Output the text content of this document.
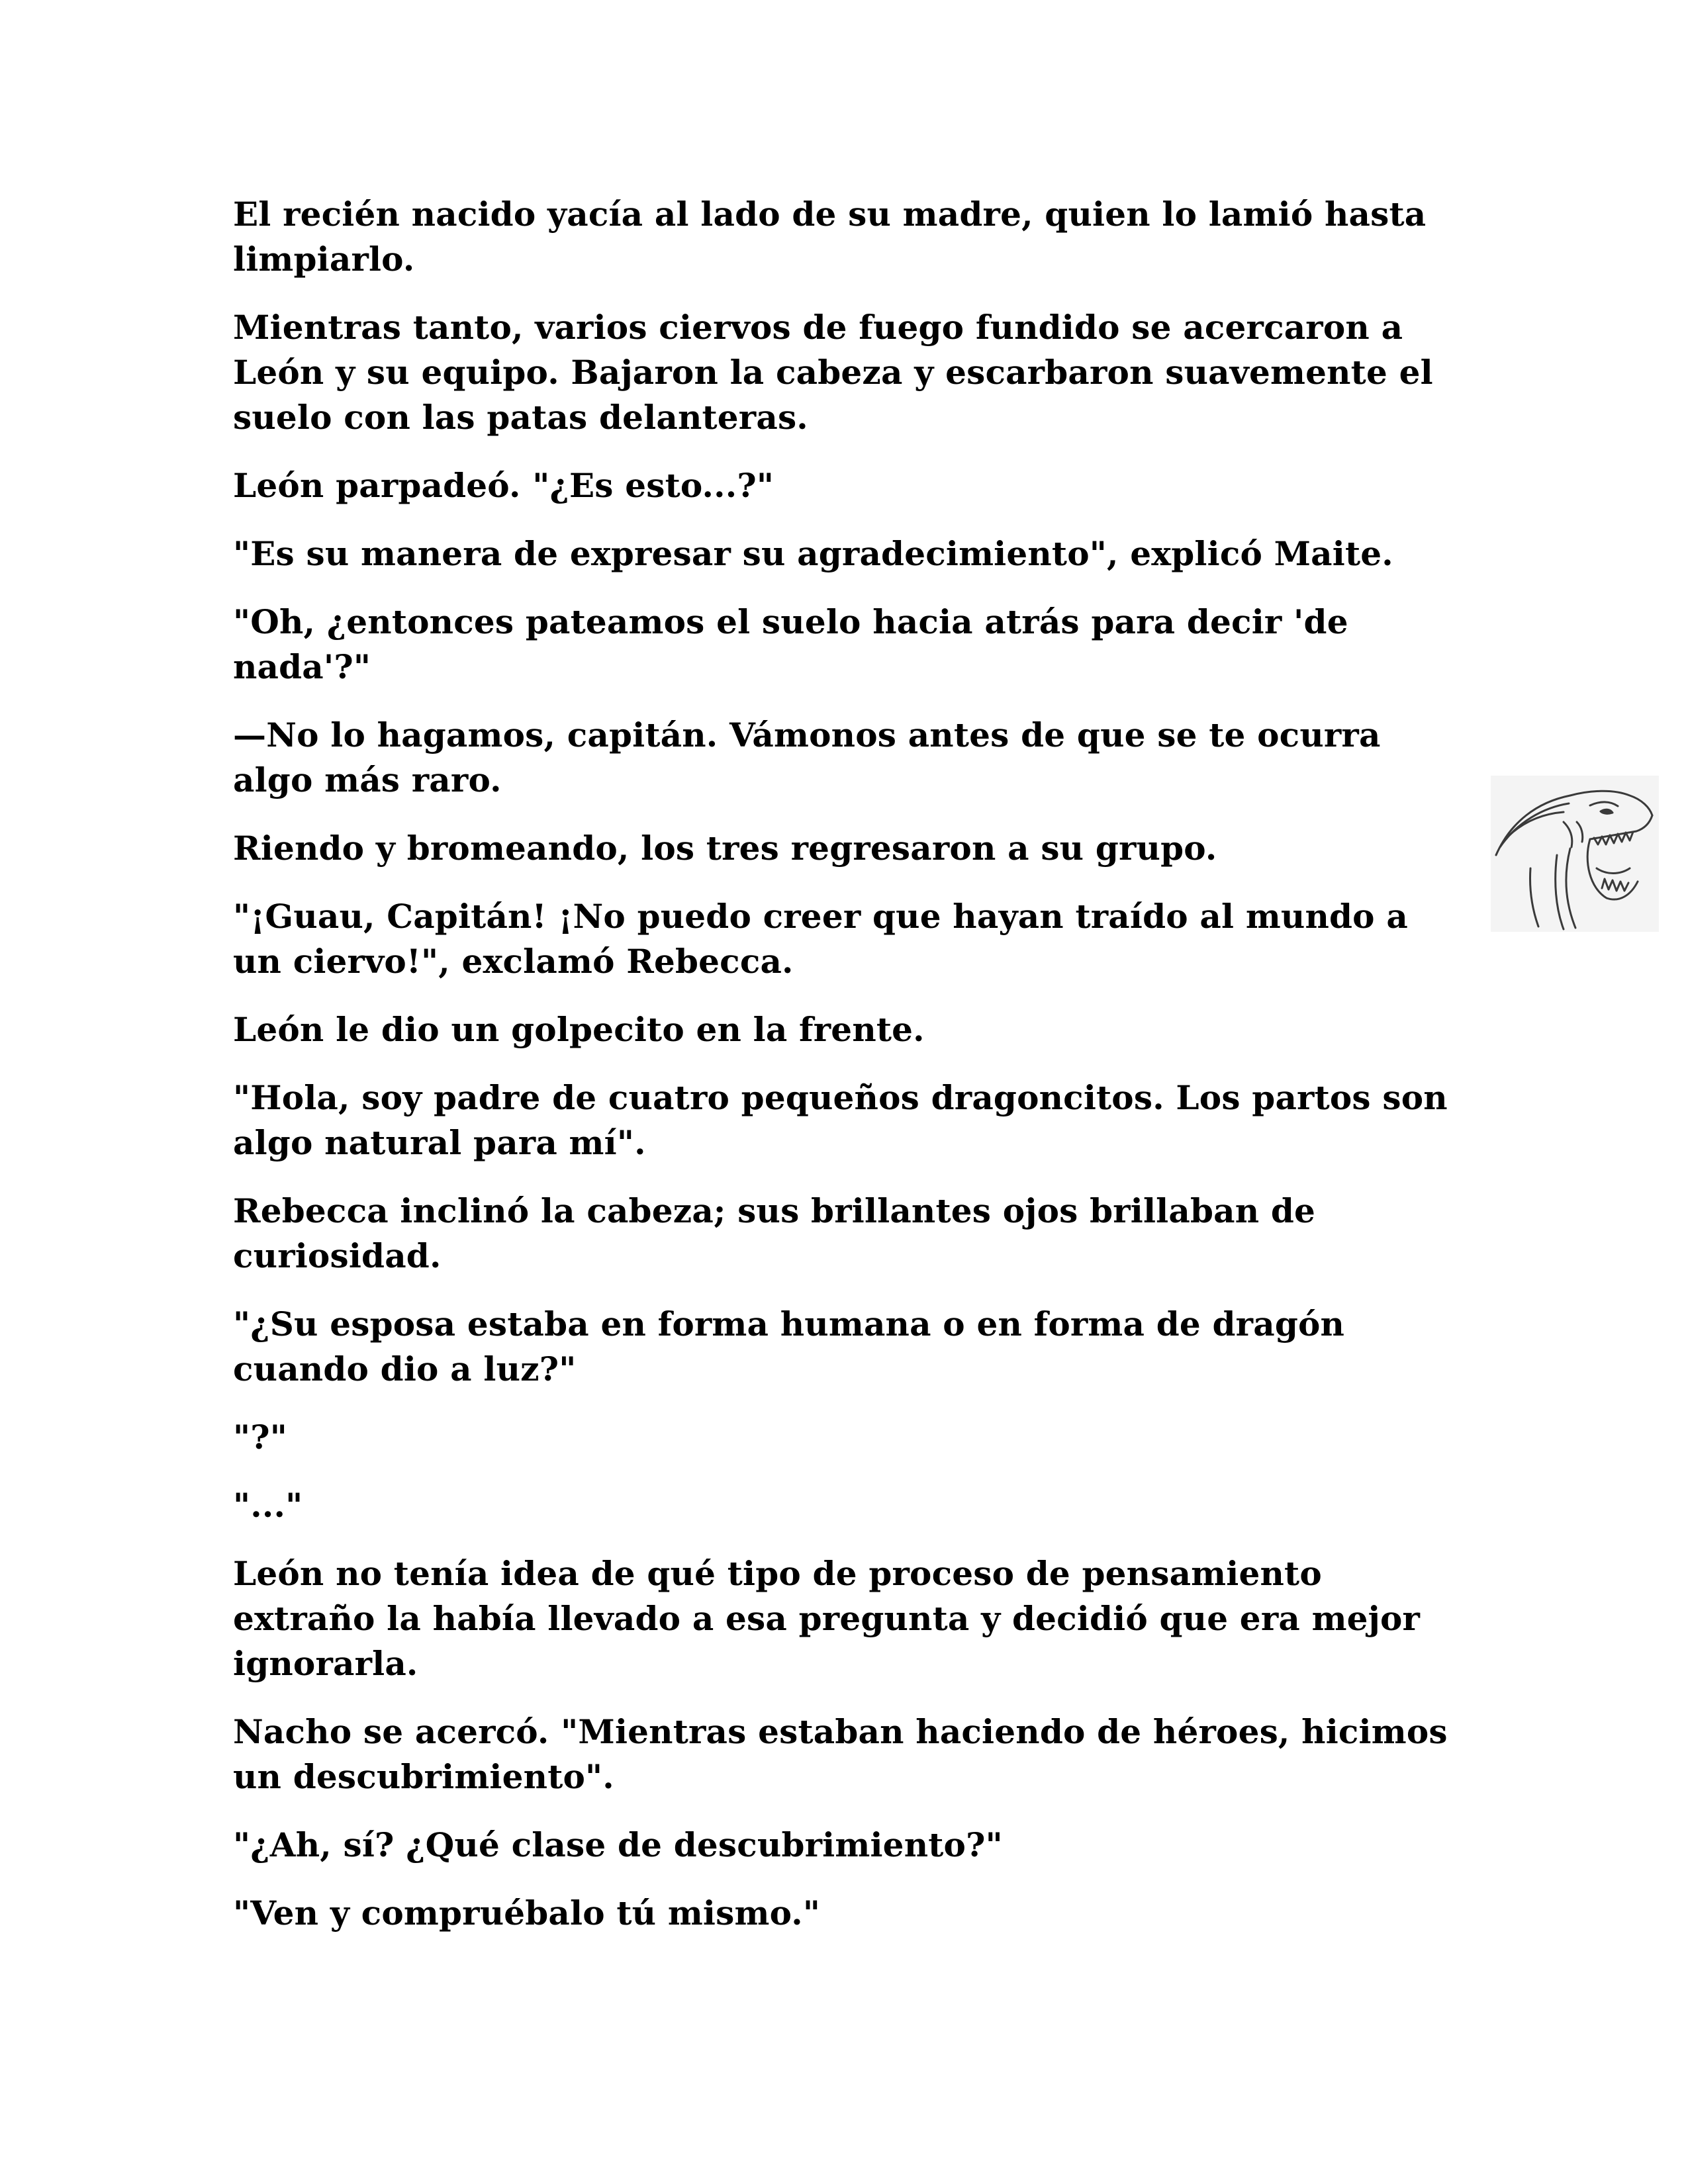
El recién nacido yacía al lado de su madre, quien lo lamió hasta limpiarlo.

Mientras tanto, varios ciervos de fuego fundido se acercaron a León y su equipo. Bajaron la cabeza y escarbaron suavemente el suelo con las patas delanteras.

León parpadeó. "¿Es esto...?"

"Es su manera de expresar su agradecimiento", explicó Maite.

"Oh, ¿entonces pateamos el suelo hacia atrás para decir 'de nada'?"

—No lo hagamos, capitán. Vámonos antes de que se te ocurra algo más raro.

Riendo y bromeando, los tres regresaron a su grupo.

"¡Guau, Capitán! ¡No puedo creer que hayan traído al mundo a un ciervo!", exclamó Rebecca.

León le dio un golpecito en la frente.

"Hola, soy padre de cuatro pequeños dragoncitos. Los partos son algo natural para mí".

Rebecca inclinó la cabeza; sus brillantes ojos brillaban de curiosidad.

"¿Su esposa estaba en forma humana o en forma de dragón cuando dio a luz?"

"?"

"..."

León no tenía idea de qué tipo de proceso de pensamiento extraño la había llevado a esa pregunta y decidió que era mejor ignorarla.

Nacho se acercó. "Mientras estaban haciendo de héroes, hicimos un descubrimiento".

"¿Ah, sí? ¿Qué clase de descubrimiento?"

"Ven y compruébalo tú mismo."
